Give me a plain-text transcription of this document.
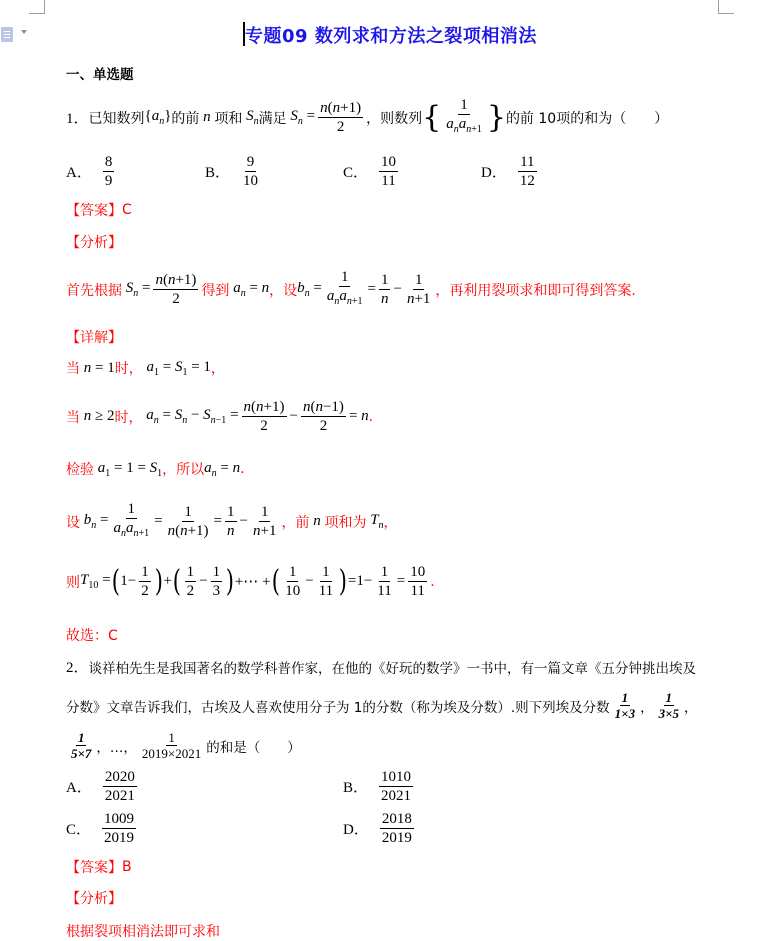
专题09 数列求和方法之裂项相消法
一、单选题
1． 已知数列 $\{a_n\}$ 的前 n 项和 $S_n$ 满足 $S_n = \frac{n(n+1)}{2}$ ，则数列 { $\frac{1}{a_na_{n+1}}$ } 的前 10项的和为（　　）
A． $\frac{8}{9}$	B． $\frac{9}{10}$	C． $\frac{10}{11}$	D． $\frac{11}{12}$
【答案】 C
【分析】
首先根据 $S_n = \frac{n(n+1)}{2}$ 得到 $a_n = n$ ，设 $b_n = \frac{1}{a_na_{n+1}} = \frac{1}{n} - \frac{1}{n+1}$ ，再利用裂项求和即可得到答案.
【详解】
当 n = 1 时， $a_1 = S_1 = 1$ ，
当 n ≥ 2 时， $a_n = S_n - S_{n-1} = \frac{n(n+1)}{2} - \frac{n(n-1)}{2} = n$ .
检验 $a_1 = 1 = S_1$ ，所以 $a_n = n$ .
设 $b_n = \frac{1}{a_na_{n+1}} = \frac{1}{n(n+1)} = \frac{1}{n} - \frac{1}{n+1}$ ，前 n 项和为 $T_n$ ，
则 $T_{10}$ = ( $1- \frac{1}{2}$ ) + ( $\frac{1}{2} - \frac{1}{3}$ ) +⋯ + ( $\frac{1}{10} - \frac{1}{11}$ ) $=1- \frac{1}{11} = \frac{10}{11}$ .
故选：C
2． 谈祥柏先生是我国著名的数学科普作家，在他的《好玩的数学》一书中，有一篇文章《五分钟挑出埃及
分数》文章告诉我们，古埃及人喜欢使用分子为 1的分数（称为埃及分数）.则下列埃及分数 $\frac{1}{1\times 3}$ ， $\frac{1}{3\times 5}$ ，
$\frac{1}{5\times 7}$ ，…， $\frac{1}{2019\times 2021}$ 的和是（　　）
A． $\frac{2020}{2021}$	B． $\frac{1010}{2021}$
C． $\frac{1009}{2019}$	D． $\frac{2018}{2019}$
【答案】 B
【分析】
根据裂项相消法即可求和
